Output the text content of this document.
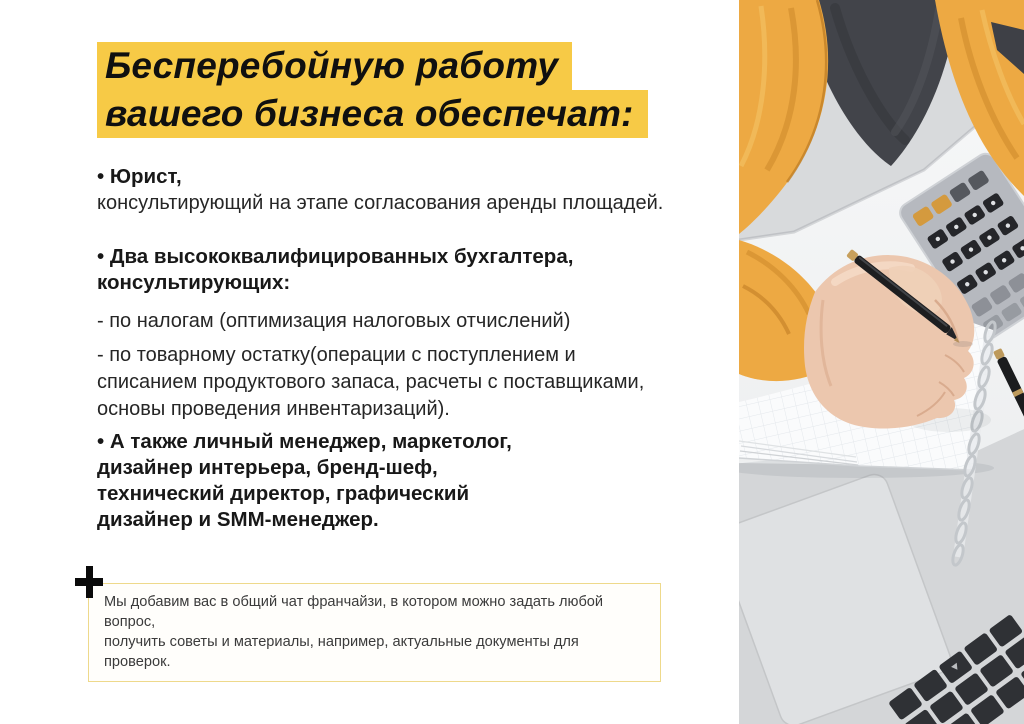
Бесперебойную работу
вашего бизнеса обеспечат:
• Юрист,
консультирующий на этапе согласования аренды площадей.
• Два высококвалифицированных бухгалтера,
консультирующих:
- по налогам (оптимизация налоговых отчислений)
- по товарному остатку(операции с поступлением и
списанием продуктового запаса, расчеты с поставщиками,
основы проведения инвентаризаций).
• А также личный менеджер, маркетолог,
дизайнер интерьера, бренд-шеф,
технический директор, графический
дизайнер и SMM-менеджер.
Мы добавим вас в общий чат франчайзи, в котором можно задать любой вопрос,
получить советы и материалы, например, актуальные документы для проверок.
